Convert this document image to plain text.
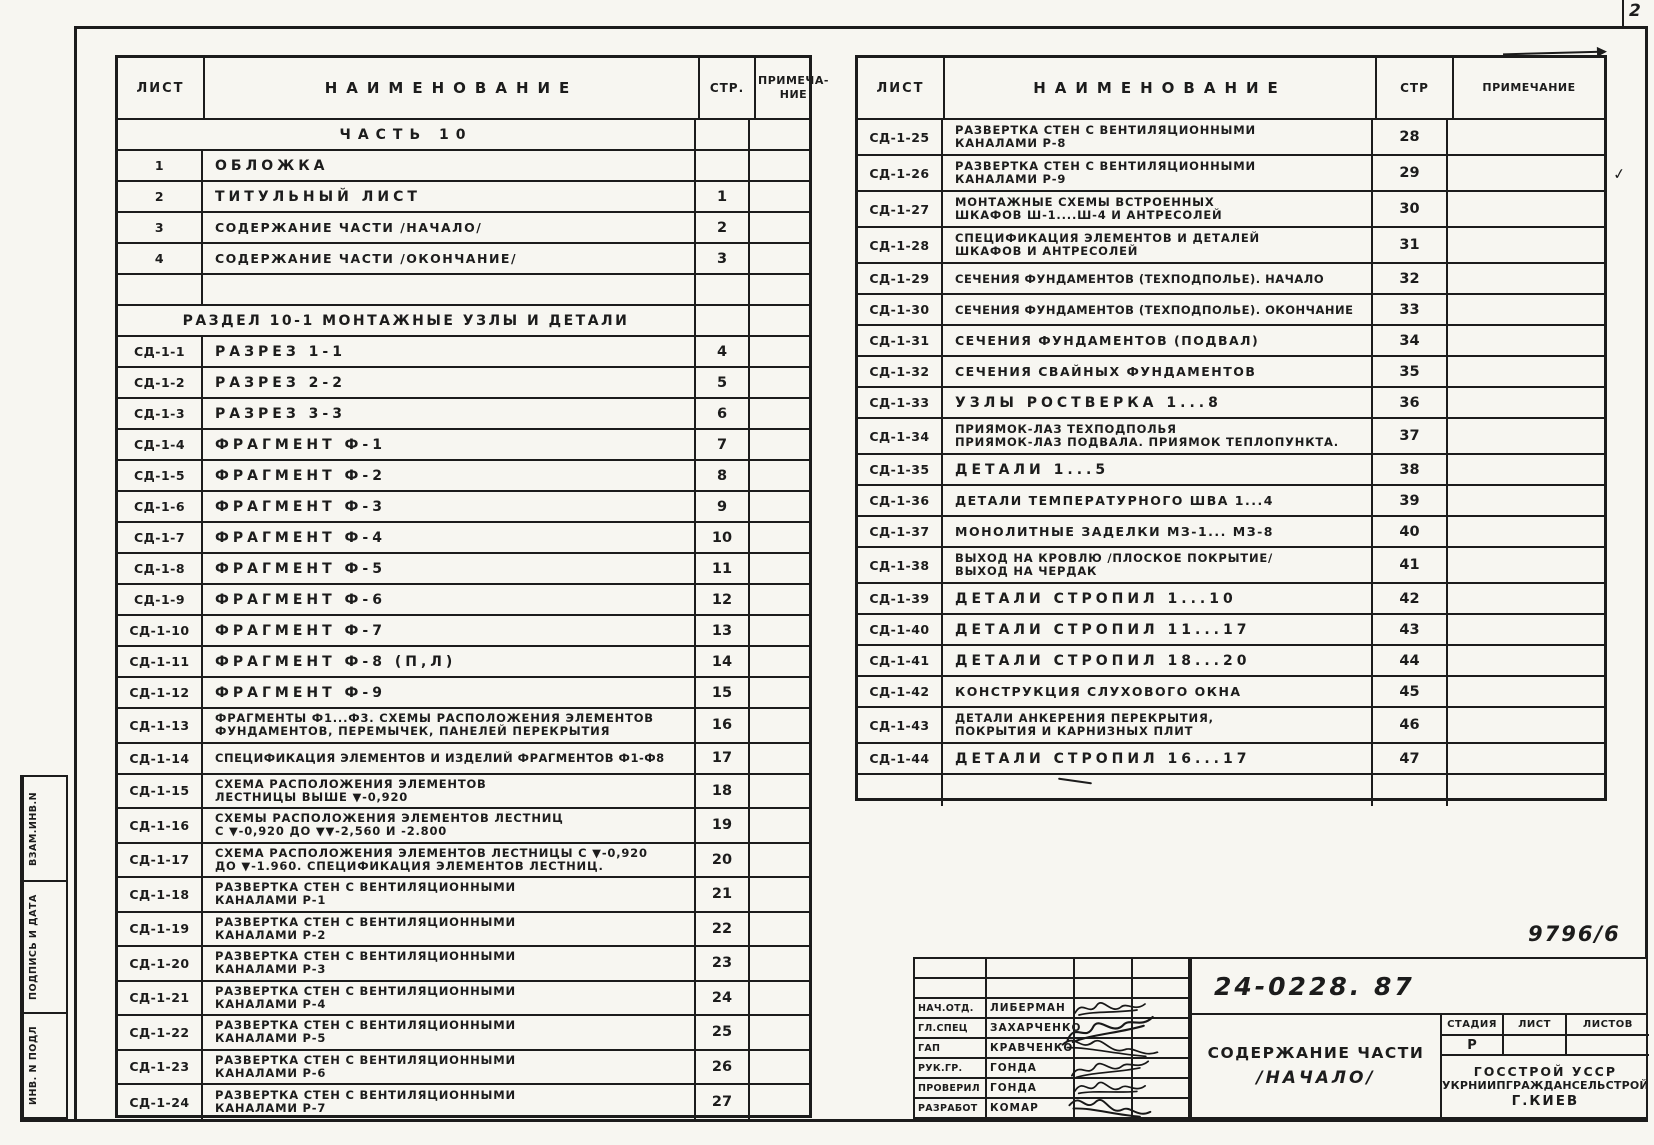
2
ВЗАМ.ИНВ.N
ПОДПИСЬ И ДАТА
ИНВ. N ПОДЛ
ЛИСТ	НАИМЕНОВАНИЕ	СТР.
ПРИМЕЧА-НИЕ
ЧАСТЬ 10
1	ОБЛОЖКА
2	ТИТУЛЬНЫЙ ЛИСТ	1
3	СОДЕРЖАНИЕ ЧАСТИ /НАЧАЛО/	2
4	СОДЕРЖАНИЕ ЧАСТИ /ОКОНЧАНИЕ/	3
РАЗДЕЛ 10-1 МОНТАЖНЫЕ УЗЛЫ И ДЕТАЛИ
СД-1-1	РАЗРЕЗ 1-1	4
СД-1-2	РАЗРЕЗ 2-2	5
СД-1-3	РАЗРЕЗ 3-3	6
СД-1-4	ФРАГМЕНТ Ф-1	7
СД-1-5	ФРАГМЕНТ Ф-2	8
СД-1-6	ФРАГМЕНТ Ф-3	9
СД-1-7	ФРАГМЕНТ Ф-4	10
СД-1-8	ФРАГМЕНТ Ф-5	11
СД-1-9	ФРАГМЕНТ Ф-6	12
СД-1-10	ФРАГМЕНТ Ф-7	13
СД-1-11	ФРАГМЕНТ Ф-8 (П,Л)	14
СД-1-12	ФРАГМЕНТ Ф-9	15
СД-1-13	ФРАГМЕНТЫ Ф1...Ф3. СХЕМЫ РАСПОЛОЖЕНИЯ ЭЛЕМЕНТОВ
ФУНДАМЕНТОВ, ПЕРЕМЫЧЕК, ПАНЕЛЕЙ ПЕРЕКРЫТИЯ	16
СД-1-14	СПЕЦИФИКАЦИЯ ЭЛЕМЕНТОВ И ИЗДЕЛИЙ ФРАГМЕНТОВ Ф1-Ф8	17
СД-1-15	СХЕМА РАСПОЛОЖЕНИЯ ЭЛЕМЕНТОВ
ЛЕСТНИЦЫ ВЫШЕ ▼-0,920	18
СД-1-16	СХЕМЫ РАСПОЛОЖЕНИЯ ЭЛЕМЕНТОВ ЛЕСТНИЦ
С ▼-0,920 ДО ▼▼-2,560 И -2.800	19
СД-1-17	СХЕМА РАСПОЛОЖЕНИЯ ЭЛЕМЕНТОВ ЛЕСТНИЦЫ С ▼-0,920
ДО ▼-1.960. СПЕЦИФИКАЦИЯ ЭЛЕМЕНТОВ ЛЕСТНИЦ.	20
СД-1-18	РАЗВЕРТКА СТЕН С ВЕНТИЛЯЦИОННЫМИ
КАНАЛАМИ Р-1	21
СД-1-19	РАЗВЕРТКА СТЕН С ВЕНТИЛЯЦИОННЫМИ
КАНАЛАМИ Р-2	22
СД-1-20	РАЗВЕРТКА СТЕН С ВЕНТИЛЯЦИОННЫМИ
КАНАЛАМИ Р-3	23
СД-1-21	РАЗВЕРТКА СТЕН С ВЕНТИЛЯЦИОННЫМИ
КАНАЛАМИ Р-4	24
СД-1-22	РАЗВЕРТКА СТЕН С ВЕНТИЛЯЦИОННЫМИ
КАНАЛАМИ Р-5	25
СД-1-23	РАЗВЕРТКА СТЕН С ВЕНТИЛЯЦИОННЫМИ
КАНАЛАМИ Р-6	26
СД-1-24	РАЗВЕРТКА СТЕН С ВЕНТИЛЯЦИОННЫМИ
КАНАЛАМИ Р-7	27
ЛИСТ	НАИМЕНОВАНИЕ	СТР	ПРИМЕЧАНИЕ
СД-1-25	РАЗВЕРТКА СТЕН С ВЕНТИЛЯЦИОННЫМИ
КАНАЛАМИ Р-8	28
СД-1-26	РАЗВЕРТКА СТЕН С ВЕНТИЛЯЦИОННЫМИ
КАНАЛАМИ Р-9	29
СД-1-27	МОНТАЖНЫЕ СХЕМЫ ВСТРОЕННЫХ
ШКАФОВ Ш-1....Ш-4 И АНТРЕСОЛЕЙ	30
СД-1-28	СПЕЦИФИКАЦИЯ ЭЛЕМЕНТОВ И ДЕТАЛЕЙ
ШКАФОВ И АНТРЕСОЛЕЙ	31
СД-1-29	СЕЧЕНИЯ ФУНДАМЕНТОВ (ТЕХПОДПОЛЬЕ). НАЧАЛО	32
СД-1-30	СЕЧЕНИЯ ФУНДАМЕНТОВ (ТЕХПОДПОЛЬЕ). ОКОНЧАНИЕ	33
СД-1-31	СЕЧЕНИЯ ФУНДАМЕНТОВ (ПОДВАЛ)	34
СД-1-32	СЕЧЕНИЯ СВАЙНЫХ ФУНДАМЕНТОВ	35
СД-1-33	УЗЛЫ РОСТВЕРКА 1...8	36
СД-1-34	ПРИЯМОК-ЛАЗ ТЕХПОДПОЛЬЯ
ПРИЯМОК-ЛАЗ ПОДВАЛА. ПРИЯМОК ТЕПЛОПУНКТА.	37
СД-1-35	ДЕТАЛИ 1...5	38
СД-1-36	ДЕТАЛИ ТЕМПЕРАТУРНОГО ШВА 1...4	39
СД-1-37	МОНОЛИТНЫЕ ЗАДЕЛКИ МЗ-1... МЗ-8	40
СД-1-38	ВЫХОД НА КРОВЛЮ /ПЛОСКОЕ ПОКРЫТИЕ/
ВЫХОД НА ЧЕРДАК	41
СД-1-39	ДЕТАЛИ СТРОПИЛ 1...10	42
СД-1-40	ДЕТАЛИ СТРОПИЛ 11...17	43
СД-1-41	ДЕТАЛИ СТРОПИЛ 18...20	44
СД-1-42	КОНСТРУКЦИЯ СЛУХОВОГО ОКНА	45
СД-1-43	ДЕТАЛИ АНКЕРЕНИЯ ПЕРЕКРЫТИЯ,
ПОКРЫТИЯ И КАРНИЗНЫХ ПЛИТ	46
СД-1-44	ДЕТАЛИ СТРОПИЛ 16...17	47
9796/6
НАЧ.ОТД.	ЛИБЕРМАН
ГЛ.СПЕЦ	ЗАХАРЧЕНКО
ГАП	КРАВЧЕНКО
РУК.ГР.	ГОНДА
ПРОВЕРИЛ ГОНДА
РАЗРАБОТ	КОМАР
24-0228. 87
СОДЕРЖАНИЕ ЧАСТИ
/НАЧАЛО/
СТАДИЯ	ЛИСТ	ЛИСТОВ
Р
ГОССТРОЙ УССР
УКРНИИПГРАЖДАНСЕЛЬСТРОЙ
Г.КИЕВ
✓
